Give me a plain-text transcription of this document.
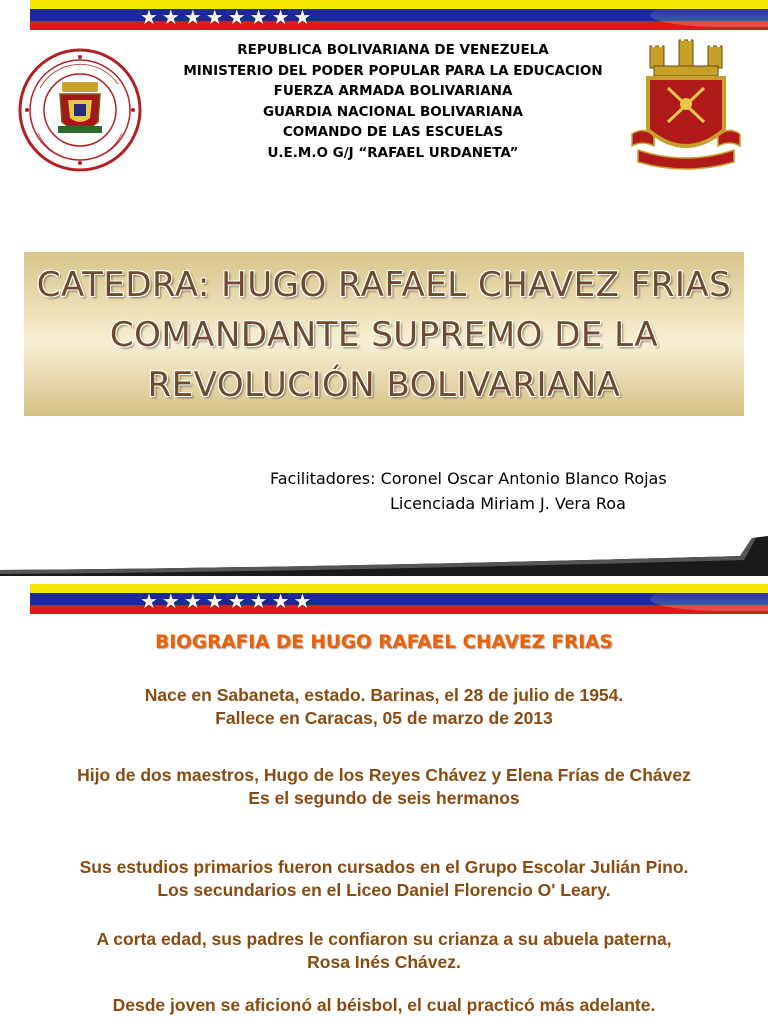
★★★★★★★★
REPUBLICA BOLIVARIANA DE VENEZUELA
MINISTERIO DEL PODER POPULAR PARA LA EDUCACION
FUERZA ARMADA BOLIVARIANA
GUARDIA NACIONAL BOLIVARIANA
COMANDO DE LAS ESCUELAS
U.E.M.O G/J “RAFAEL URDANETA”
CATEDRA: HUGO RAFAEL CHAVEZ FRIAS
COMANDANTE SUPREMO DE LA
REVOLUCIÓN BOLIVARIANA
Facilitadores: Coronel Oscar Antonio Blanco Rojas
Licenciada Miriam J. Vera Roa
★★★★★★★★
BIOGRAFIA DE HUGO RAFAEL CHAVEZ FRIAS
Nace en Sabaneta, estado. Barinas, el 28 de julio de 1954.
Fallece en Caracas, 05 de marzo de 2013
Hijo de dos maestros, Hugo de los Reyes Chávez y Elena Frías de Chávez
Es el segundo de seis hermanos
Sus estudios primarios fueron cursados en el Grupo Escolar Julián Pino.
Los secundarios en el Liceo Daniel Florencio O' Leary.
A corta edad, sus padres le confiaron su crianza a su abuela paterna,
Rosa Inés Chávez.
Desde joven se aficionó al béisbol, el cual practicó más adelante.
